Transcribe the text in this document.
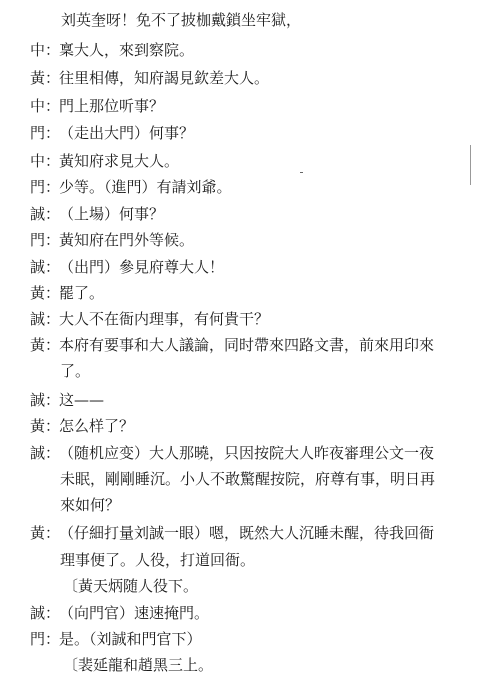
刘英奎呀！免不了披枷戴鎖坐牢獄，
中：
稟大人，來到察院。
黃：
往里相傳，知府謁見欽差大人。
中：
門上那位听事？
門：
（走出大門）何事？
中：
黃知府求見大人。
門：
少等。（進門）有請刘爺。
誠：
（上場）何事？
門：
黃知府在門外等候。
誠：
（出門）參見府尊大人！
黃：
罷了。
誠：
大人不在衙内理事，有何貴干？
黃：
本府有要事和大人議論，同时帶來四路文書，前來用印來
了。
誠：
这——
黃：
怎么样了？
誠：
（随机应变）大人那曉，只因按院大人昨夜審理公文一夜
未眠，剛剛睡沉。小人不敢驚醒按院，府尊有事，明日再
來如何？
黃：
（仔細打量刘誠一眼）嗯，既然大人沉睡未醒，待我回衙
理事便了。人役，打道回衙。
〔黃天炳随人役下。
誠：
（向門官）速速掩門。
門：
是。（刘誠和門官下）
〔裴延龍和趙黑三上。
